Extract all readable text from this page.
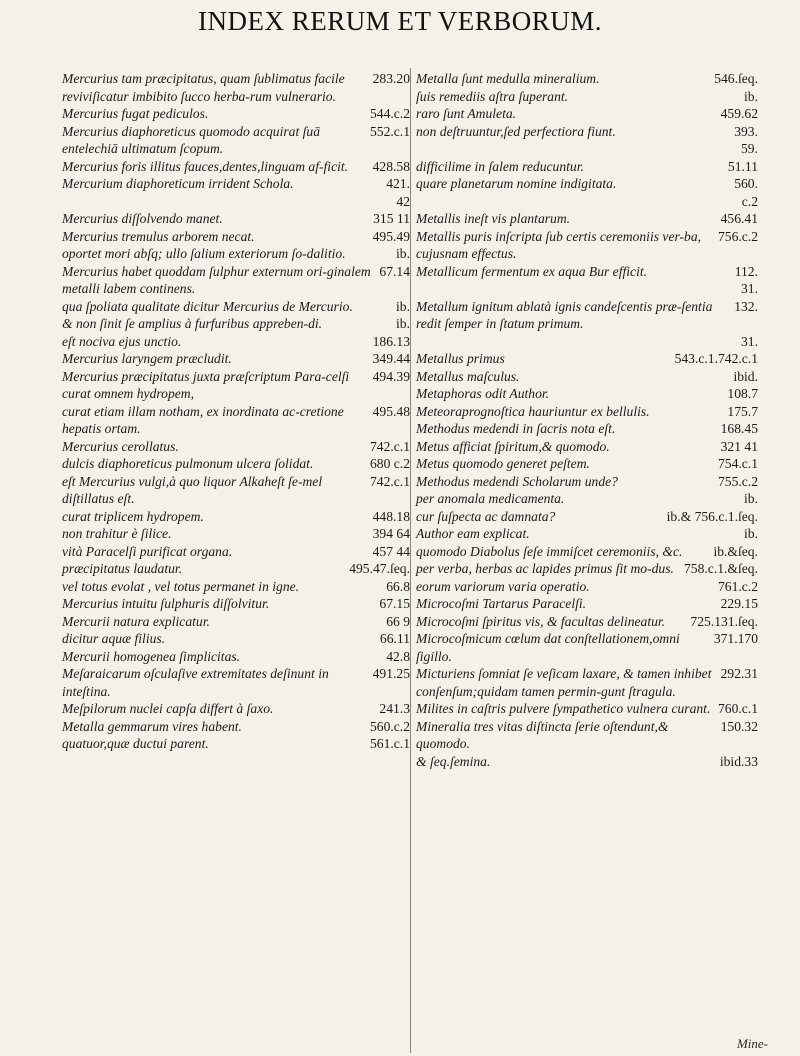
INDEX RERUM ET VERBORUM.

283.20
Mercurius tam præcipitatus, quam ſublimatus facile reviviſicatur imbibito ſucco herba-rum vulnerario.

544.c.2
Mercurius fugat pediculos.

552.c.1
Mercurius diaphoreticus quomodo acquirat ſuā entelechiā ultimatum ſcopum.

428.58
Mercurius foris illitus fauces,dentes,linguam af-ficit.

421.
Mercurium diaphoreticum irrident Schola.

42

315 11
Mercurius diſſolvendo manet.

495.49
Mercurius tremulus arborem necat.

ib.
oportet mori abſq; ullo ſalium exteriorum ſo-dalitio.

67.14
Mercurius habet quoddam ſulphur externum ori-ginalem metalli labem continens.

ib.
qua ſpoliata qualitate dicitur Mercurius de Mercurio.

ib.
& non ſinit ſe amplius à furfuribus appreben-di.

186.13
eſt nociva ejus unctio.

349.44
Mercurius laryngem præcludit.

494.39
Mercurius præcipitatus juxta præſcriptum Para-celſi curat omnem hydropem,

495.48
curat etiam illam notham, ex inordinata ac-cretione hepatis ortam.

742.c.1
Mercurius cerollatus.

680 c.2
dulcis diaphoreticus pulmonum ulcera ſolidat.

742.c.1
eſt Mercurius vulgi,à quo liquor Alkaheſt ſe-mel diſtillatus eſt.

448.18
curat triplicem hydropem.

394 64
non trahitur è ſilice.

457 44
vità Paracelſi purificat organa.

495.47.ſeq.
præcipitatus laudatur.

66.8
vel totus evolat , vel totus permanet in igne.

67.15
Mercurius intuitu ſulphuris diſſolvitur.

66 9
Mercurii natura explicatur.

66.11
dicitur aquæ filius.

42.8
Mercurii homogenea ſimplicitas.

491.25
Meſaraicarum oſculaſive extremitates deſinunt in inteſtina.

241.3
Meſpilorum nuclei capſa differt à ſaxo.

560.c.2
Metalla gemmarum vires habent.

561.c.1
quatuor,quæ ductui parent.

546.ſeq.
Metalla ſunt medulla mineralium.

ib.
ſuis remediis aſtra ſuperant.

459.62
raro ſunt Amuleta.

393.
non deſtruuntur,ſed perfectiora fiunt.

59.

51.11
difficilime in ſalem reducuntur.

560.
quare planetarum nomine indigitata.

c.2

456.41
Metallis ineſt vis plantarum.

756.c.2
Metallis puris inſcripta ſub certis ceremoniis ver-ba, cujusnam effectus.

112.
Metallicum fermentum ex aqua Bur efficit.

31.

132.
Metallum ignitum ablatà ignis candeſcentis præ-ſentia redit ſemper in ſtatum primum.

31.

543.c.1.742.c.1
Metallus primus

ibid.
Metallus maſculus.

108.7
Metaphoras odit Author.

175.7
Meteoraprognoſtica hauriuntur ex bellulis.

168.45
Methodus medendi in ſacris nota eſt.

321 41
Metus afficiat ſpiritum,& quomodo.

754.c.1
Metus quomodo generet peſtem.

755.c.2
Methodus medendi Scholarum unde?

ib.
per anomala medicamenta.

ib.& 756.c.1.ſeq.
cur ſuſpecta ac damnata?

ib.
Author eam explicat.

ib.&ſeq.
quomodo Diabolus ſeſe immiſcet ceremoniis, &c.

758.c.1.&ſeq.
per verba, herbas ac lapides primus ſit mo-dus.

761.c.2
eorum variorum varia operatio.

229.15
Microcoſmi Tartarus Paracelſi.

725.131.ſeq.
Microcoſmi ſpiritus vis, & facultas delineatur.

371.170
Microcoſmicum cœlum dat conſtellationem,omni ſigillo.

292.31
Micturiens ſomniat ſe veſicam laxare, & tamen inhibet conſenſum;quidam tamen permin-gunt ſtragula.

760.c.1
Milites in caſtris pulvere ſympathetico vulnera curant.

150.32
Mineralia tres vitas diſtincta ſerie oſtendunt,& quomodo.

ibid.33
& ſeq.ſemina.

Mine-
